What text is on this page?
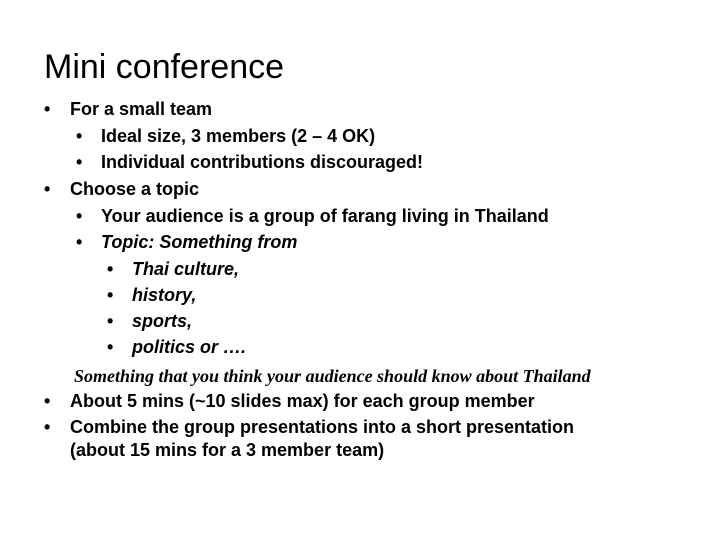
Mini conference
• For a small team
• Ideal size, 3 members (2 – 4 OK)
• Individual contributions discouraged!
• Choose a topic
• Your audience is a group of farang living in Thailand
• Topic: Something from
• Thai culture,
• history,
• sports,
• politics or ….
Something that you think your audience should know about Thailand
• About 5 mins (~10 slides max) for each group member
• Combine the group presentations into a short presentation
(about 15 mins for a 3 member team)
